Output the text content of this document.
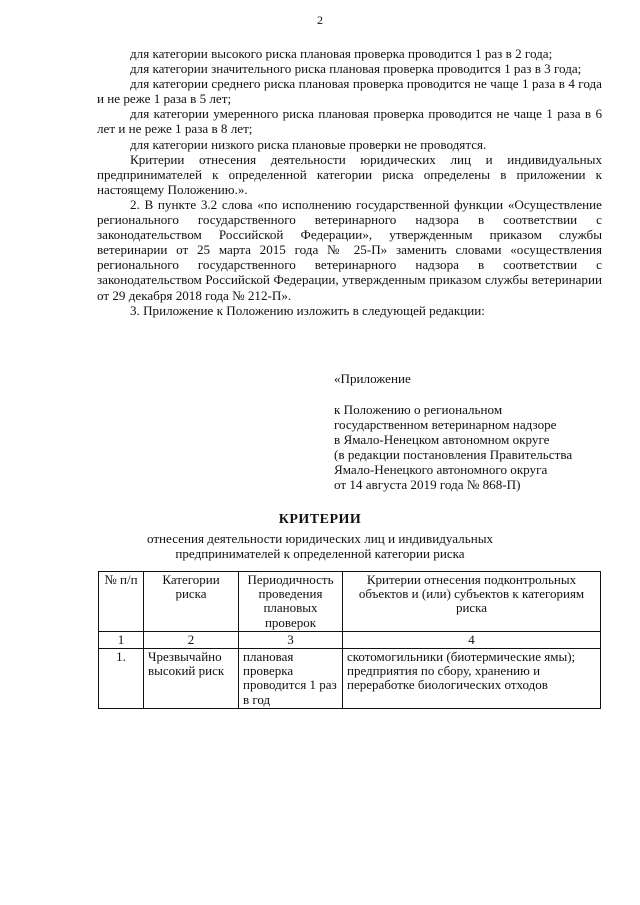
2

для категории высокого риска плановая проверка проводится 1 раз в 2 года;

для категории значительного риска плановая проверка проводится 1 раз в 3 года;

для категории среднего риска плановая проверка проводится не чаще 1 раза в 4 года и не реже 1 раза в 5 лет;

для категории умеренного риска плановая проверка проводится не чаще 1 раза в 6 лет и не реже 1 раза в 8 лет;

для категории низкого риска плановые проверки не проводятся.

Критерии отнесения деятельности юридических лиц и индивидуальных предпринимателей к определенной категории риска определены в приложении к настоящему Положению.».

2. В пункте 3.2 слова «по исполнению государственной функции «Осуществление регионального государственного ветеринарного надзора в соответствии с законодательством Российской Федерации», утвержденным приказом службы ветеринарии от 25 марта 2015 года № 25-П» заменить словами «осуществления регионального государственного ветеринарного надзора в соответствии с законодательством Российской Федерации, утвержденным приказом службы ветеринарии от 29 декабря 2018 года № 212-П».

3. Приложение к Положению изложить в следующей редакции:

«Приложение
к Положению о региональном
государственном ветеринарном надзоре
в Ямало-Ненецком автономном округе
(в редакции постановления Правительства
Ямало-Ненецкого автономного округа
от 14 августа 2019 года № 868-П)
КРИТЕРИИ
отнесения деятельности юридических лиц и индивидуальных
предпринимателей к определенной категории риска
№ п/п	Категории риска	Периодичность проведения плановых проверок	Критерии отнесения подконтрольных объектов и (или) субъектов к категориям риска
1	2	3	4
1.	Чрезвычайно высокий риск	плановая проверка проводится 1 раз в год	скотомогильники (биотермические ямы);
предприятия по сбору, хранению и переработке биологических отходов
